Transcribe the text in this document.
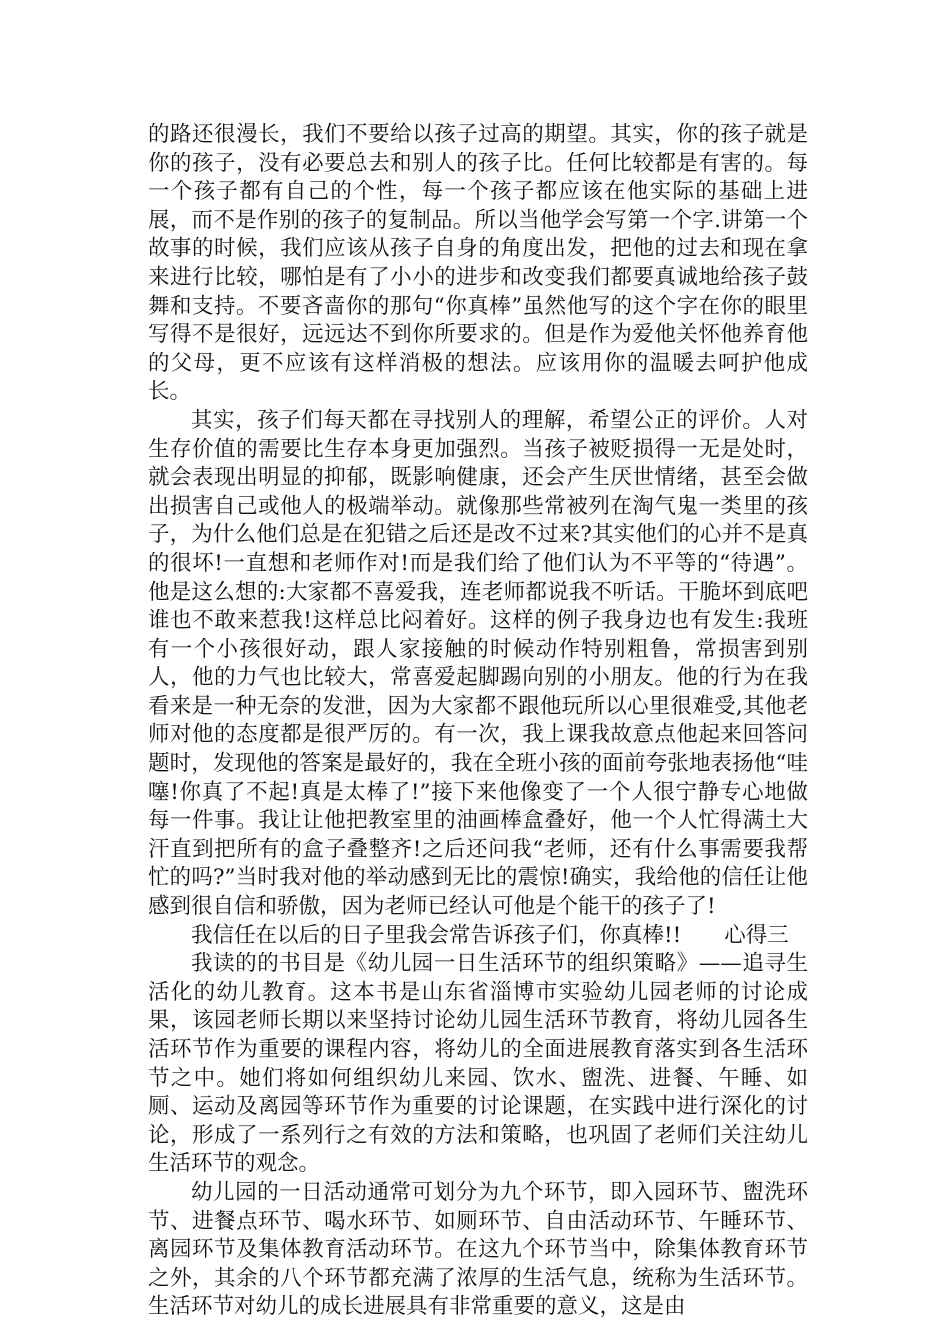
的路还很漫长，我们不要给以孩子过高的期望。其实，你的孩子就是你的孩子，没有必要总去和别人的孩子比。任何比较都是有害的。每一个孩子都有自己的个性，每一个孩子都应该在他实际的基础上进展，而不是作别的孩子的复制品。所以当他学会写第一个字.讲第一个故事的时候，我们应该从孩子自身的角度出发，把他的过去和现在拿来进行比较，哪怕是有了小小的进步和改变我们都要真诚地给孩子鼓舞和支持。不要吝啬你的那句“你真棒”虽然他写的这个字在你的眼里写得不是很好，远远达不到你所要求的。但是作为爱他关怀他养育他的父母，更不应该有这样消极的想法。应该用你的温暖去呵护他成长。

其实，孩子们每天都在寻找别人的理解，希望公正的评价。人对生存价值的需要比生存本身更加强烈。当孩子被贬损得一无是处时，就会表现出明显的抑郁，既影响健康，还会产生厌世情绪，甚至会做出损害自己或他人的极端举动。就像那些常被列在淘气鬼一类里的孩子，为什么他们总是在犯错之后还是改不过来?其实他们的心并不是真的很坏!一直想和老师作对!而是我们给了他们认为不平等的“待遇”。他是这么想的:大家都不喜爱我，连老师都说我不听话。干脆坏到底吧谁也不敢来惹我!这样总比闷着好。这样的例子我身边也有发生:我班有一个小孩很好动，跟人家接触的时候动作特别粗鲁，常损害到别人，他的力气也比较大，常喜爱起脚踢向别的小朋友。他的行为在我看来是一种无奈的发泄，因为大家都不跟他玩所以心里很难受,其他老师对他的态度都是很严厉的。有一次，我上课我故意点他起来回答问题时，发现他的答案是最好的，我在全班小孩的面前夸张地表扬他“哇噻!你真了不起!真是太棒了!”接下来他像变了一个人很宁静专心地做每一件事。我让让他把教室里的油画棒盒叠好，他一个人忙得满土大汗直到把所有的盒子叠整齐!之后还问我“老师，还有什么事需要我帮忙的吗?”当时我对他的举动感到无比的震惊!确实，我给他的信任让他感到很自信和骄傲，因为老师已经认可他是个能干的孩子了!

我信任在以后的日子里我会常告诉孩子们，你真棒!!　　心得三

我读的的书目是《幼儿园一日生活环节的组织策略》——追寻生活化的幼儿教育。这本书是山东省淄博市实验幼儿园老师的讨论成果，该园老师长期以来坚持讨论幼儿园生活环节教育，将幼儿园各生活环节作为重要的课程内容，将幼儿的全面进展教育落实到各生活环节之中。她们将如何组织幼儿来园、饮水、盥洗、进餐、午睡、如厕、运动及离园等环节作为重要的讨论课题，在实践中进行深化的讨论，形成了一系列行之有效的方法和策略，也巩固了老师们关注幼儿生活环节的观念。

幼儿园的一日活动通常可划分为九个环节，即入园环节、盥洗环节、进餐点环节、喝水环节、如厕环节、自由活动环节、午睡环节、离园环节及集体教育活动环节。在这九个环节当中，除集体教育环节之外，其余的八个环节都充满了浓厚的生活气息，统称为生活环节。生活环节对幼儿的成长进展具有非常重要的意义，这是由
